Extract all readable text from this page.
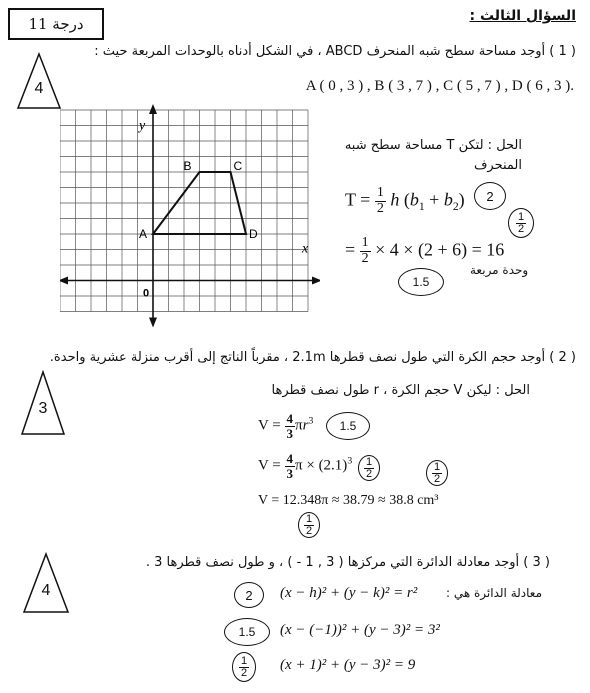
11 درجة	السؤال الثالث :
( 1 ) أوجد مساحة سطح شبه المنحرف ABCD ، في الشكل أدناه بالوحدات المربعة حيث :
A ( 0 , 3 ) , B ( 3 , 7 ) , C ( 5 , 7 ) , D ( 6 , 3 ).
4
y
x
0
A
B	C
D
الحل : لتكن T مساحة سطح شبه
المنحرف
$T = \frac{1}{2}$ h $(b_1 + b_2)$ 2
$\frac{1}{2}$
= $\frac{1}{2} \times 4 \times (2 + 6) = 16$
وحدة مربعة
1.5
( 2 ) أوجد حجم الكرة التي طول نصف قطرها 2.1m ، مقرباً الناتج إلى أقرب منزلة عشرية واحدة.
الحل : ليكن V حجم الكرة ، r طول نصف قطرها
3
$V = \frac{4}{3} \pi r^3$ 1.5
$V = \frac{4}{3}$ $\pi \times (2.1)^3 \frac{1}{2}$	$\frac{1}{2}$
V = 12.348π ≈ 38.79 ≈ 38.8 cm³
$\frac{1}{2}$
( 3 ) أوجد معادلة الدائرة التي مركزها ( 3 , 1 - ) ، و طول نصف قطرها 3 .
4	معادلة الدائرة هي :
2 (x − h)² + (y − k)² = r²
1.5 (x − (−1))² + (y − 3)² = 3²
$\frac{1}{2} (x + 1)^2 + (y - 3)^2 = 9$
